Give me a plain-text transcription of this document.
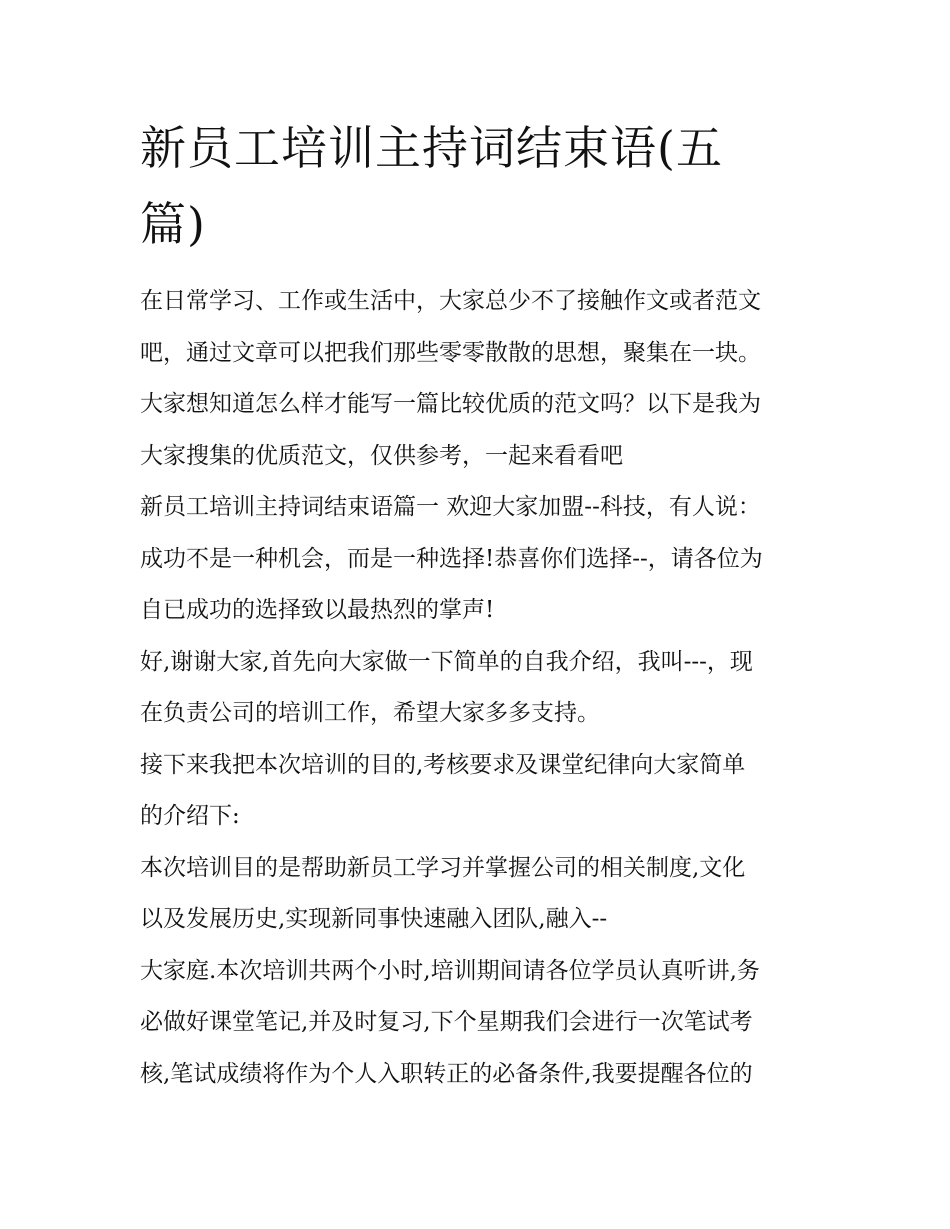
新员工培训主持词结束语(五
篇)
在日常学习、工作或生活中，大家总少不了接触作文或者范文
吧，通过文章可以把我们那些零零散散的思想，聚集在一块。
大家想知道怎么样才能写一篇比较优质的范文吗？以下是我为
大家搜集的优质范文，仅供参考，一起来看看吧
新员工培训主持词结束语篇一 欢迎大家加盟--科技，有人说：
成功不是一种机会，而是一种选择!恭喜你们选择--，请各位为
自已成功的选择致以最热烈的掌声!
好,谢谢大家,首先向大家做一下简单的自我介绍，我叫---，现
在负责公司的培训工作，希望大家多多支持。
接下来我把本次培训的目的,考核要求及课堂纪律向大家简单
的介绍下:
本次培训目的是帮助新员工学习并掌握公司的相关制度,文化
以及发展历史,实现新同事快速融入团队,融入--
大家庭.本次培训共两个小时,培训期间请各位学员认真听讲,务
必做好课堂笔记,并及时复习,下个星期我们会进行一次笔试考
核,笔试成绩将作为个人入职转正的必备条件,我要提醒各位的
